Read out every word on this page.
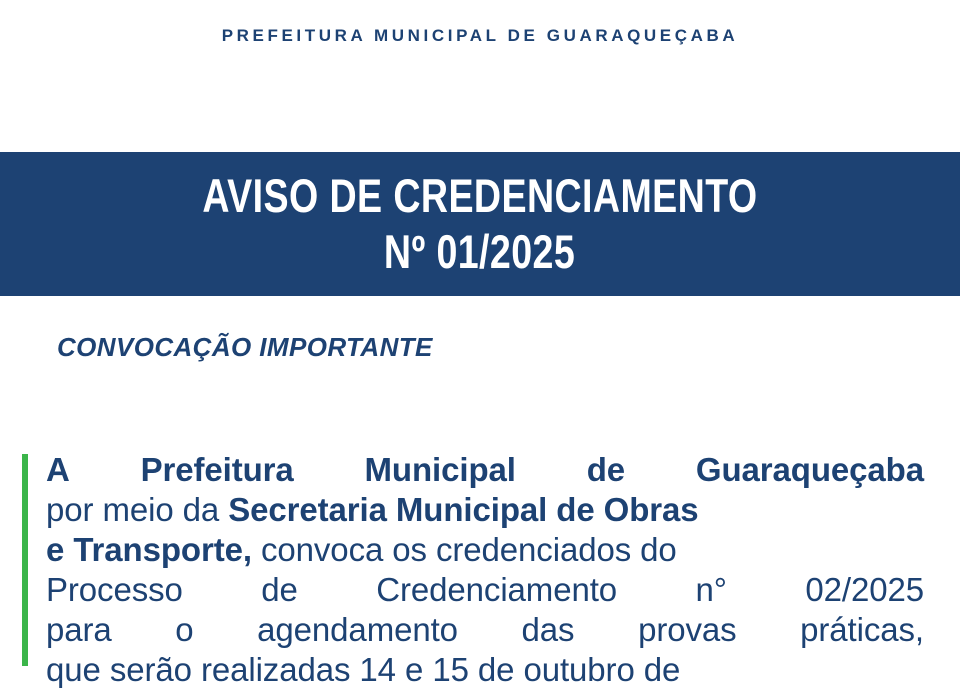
PREFEITURA MUNICIPAL DE GUARAQUEÇABA
AVISO DE CREDENCIAMENTO
Nº 01/2025
CONVOCAÇÃO IMPORTANTE
A Prefeitura Municipal de Guaraqueçaba
por meio da Secretaria Municipal de Obras
e Transporte, convoca os credenciados do
Processo de Credenciamento n° 02/2025
para o agendamento das provas práticas,
que serão realizadas 14 e 15 de outubro de
